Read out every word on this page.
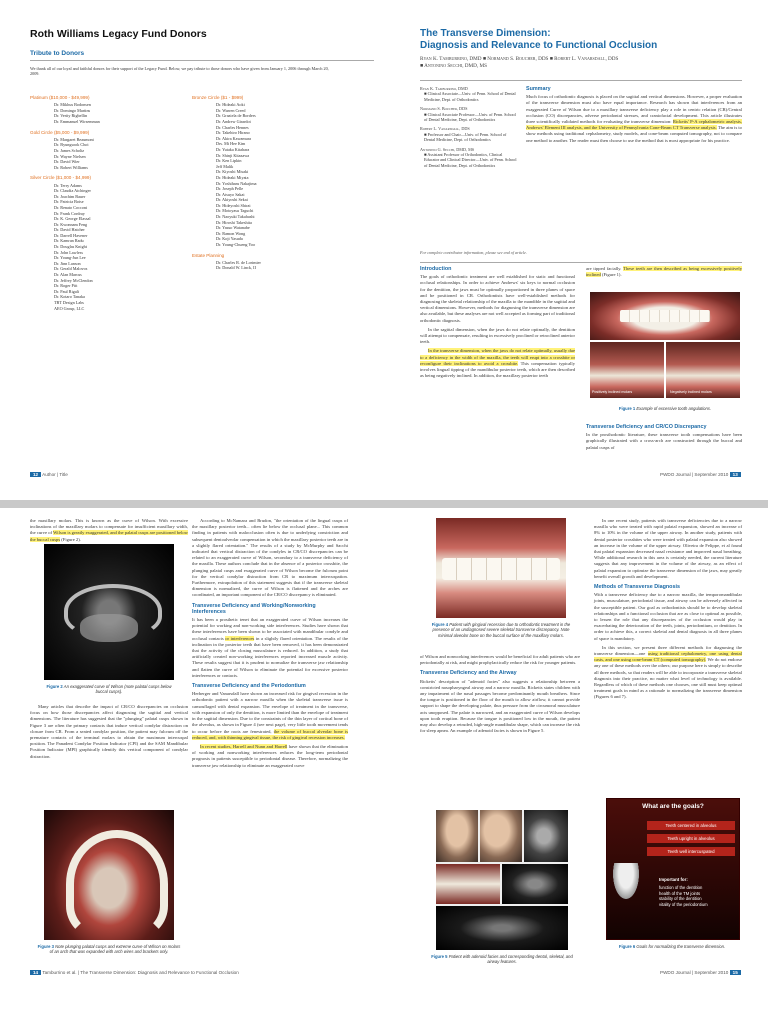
Roth Williams Legacy Fund Donors
Tribute to Donors
We thank all of our loyal and faithful donors for their support of the Legacy Fund. Below, we pay tribute to those donors who have given from January 1, 2006 through March 20, 2009.
Platinum ($10,000 - $49,999)
Dr. Mikhus Bodonsen
Dr. Domingo Martins
Dr. Verity Rigbellin
Dr. Emmanuel Wirsemman
Gold Circle ($5,000 - $9,999)
Dr. Margaret Beaumont
Dr. Byungsook Choi
Dr. James Scholtz
Dr. Wayne Nielsen
Dr. David Wier
Dr. Robert Williams
Silver Circle ($1,000 - $4,999)
Dr. Terry Adams
Dr. Claudia Aichinger
Dr. Joachim Bauer
Dr. Patricia Boise
Dr. Renato Cocconi
Dr. Frank Cordray
Dr. K. George Elassal
Dr. Kwonnam Feng
Dr. David Hatcher
Dr. Darrell Havener
Dr. Kamran Radu
Dr. Douglas Knight
Dr. John Lawless
Dr. Young-Jun Lee
Dr. Jinn Lanson
Dr. Gerald Malovos
Dr. Alan Marcus
Dr. Jeffrey McClendon
Dr. Roger Pitt
Dr. Paul Rigali
Dr. Kotaro Tanaka
TBT Design Labs
AEO Group, LLC
Bronze Circle ($1 - $999)
Dr. Hideaki Aoki
Dr. Warren Creed
Dr. Graziela de Borders
Dr. Andrew Girardot
Dr. Charles Hennes
Dr. Takehiro Hirano
Dr. Akira Kawamura
Drs. Mi Hee Kim
Dr. Yutaka Kitahara
Dr. Shinji Kitazawa
Dr. Ken Lipkin
Jeff Malik
Dr. Kiyoshi Misaki
Dr. Hideaki Miyata
Dr. Yoshiharu Nakajima
Dr. Joseph Pelle
Dr. Atsuyo Sakai
Dr. Akiyoshi Sekai
Dr. Hideyoshi Shirai
Dr. Motoyasu Taguchi
Dr. Naoyuki Takahashi
Dr. Hiroshi Takeshita
Dr. Yasuo Watanabe
Dr. Ramon Wong
Dr. Koji Yasuda
Dr. Young-Chueng Yoo
Estate Planning
Dr. Charles R. de Lorimier
Dr. Donald W. Linck, II
12 Author | Title
The Transverse Dimension:
Diagnosis and Relevance to Functional Occlusion
Ryan K. Tamburrino, DMD ■ Normand S. Boucher, DDS ■ Robert L. Vanarsdall, DDS
■ Antonino Secchi, DMD, MS
Ryan K. Tamburrino, DMD
■ Clinical Associate—Univ. of Penn. School of Dental Medicine, Dept. of Orthodontics
Normand S. Boucher, DDS
■ Clinical Associate Professor—Univ. of Penn. School of Dental Medicine, Dept. of Orthodontics
Robert L. Vanarsdall, DDS
■ Professor and Chair—Univ. of Penn. School of Dental Medicine, Dept. of Orthodontics
Antonino G. Secchi, DMD, MS
■ Assistant Professor of Orthodontics, Clinical Educator and Clinical Director—Univ. of Penn. School of Dental Medicine, Dept. of Orthodontics
Summary

Much focus of orthodontic diagnosis is placed on the sagittal and vertical dimensions. However, a proper evaluation of the transverse dimension must also have equal importance. Research has shown that interferences from an exaggerated Curve of Wilson due to a maxillary transverse deficiency play a role in centric relation (CR)/Central occlusion (CO) discrepancies, adverse periodontal stresses, and craniofacial development. This article illustrates three scientifically validated methods for evaluating the transverse dimension: Ricketts' P-A cephalometric analysis, Andrews' Element III analysis, and the University of Pennsylvania Cone-Beam CT Transverse analysis. The aim is to show methods using traditional cephalometry, study models, and cone-beam computed tomography, not to compare one method to another. The reader must then choose to use the method that is most appropriate for his practice.

For complete contributor information, please see end of article.
Introduction

The goals of orthodontic treatment are well established for static and functional occlusal relationships. In order to achieve Andrews' six keys to normal occlusion for the dentition, the jaws must be optimally proportioned in three planes of space and be positioned in CR. Orthodontists have well-established methods for diagnosing the skeletal relationship of the maxilla to the mandible in the sagittal and vertical dimensions. However, methods for diagnosing the transverse dimension are also available, but these analyses are not well accepted as forming part of traditional orthodontic diagnosis.

In the sagittal dimension, when the jaws do not relate optimally, the dentition will attempt to compensate, resulting in excessively proclined or retroclined anterior teeth.

In the transverse dimension, when the jaws do not relate optimally, usually due to a deficiency in the width of the maxilla, the teeth will erupt into a crossbite or reconfigure their inclinations to avoid a crossbite. This compensation typically involves lingual tipping of the mandibular posterior teeth, which are then described as being negatively inclined. In addition, the maxillary posterior teeth

are tipped facially. These teeth are then described as being excessively positively inclined (Figure 1).

Positively inclined molars	Negatively inclined molars
Figure 1 Example of excessive tooth angulations.
Transverse Deficiency and CR/CO Discrepancy

In the prosthodontic literature, these transverse tooth compensations have been graphically illustrated with a cross-arch are constructed through the buccal and palatal cusps of

PWDO Journal | September 2010 13

the maxillary molars. This is known as the curve of Wilson. With excessive inclinations of the maxillary molars to compensate for insufficient maxillary width, the curve of Wilson is greatly exaggerated, and the palatal cusps are positioned below the buccal cusps (Figure 2).

Figure 2 An exaggerated curve of Wilson (note palatal cusps below buccal cusps).

Many articles that describe the impact of CR/CO discrepancies on occlusion focus on how those discrepancies affect diagnosing the sagittal and vertical dimensions. The literature has suggested that the "plunging" palatal cusps shown in Figure 3 are often the primary contacts that induce vertical condylar distraction on closure from CR. From a seated condylar position, the patient may fulcrum off the premature contacts of the terminal molars to obtain the maximum intercuspal position. The Panadent Condylar Position Indicator (CPI) and the SAM Mandibular Position Indicator (MPI) graphically identify this vertical component of condylar distraction.

Figure 3 Note plunging palatal cusps and extreme curve of Wilson on molars of an arch that was expanded with arch wires and brackets only.

According to McNamara and Brudon, "the orientation of the lingual cusps of the maxillary posterior teeth... often lie below the occlusal plane... This common finding in patients with malocclusion often is due to underlying constriction and subsequent dentoalveolar compensation in which the maxillary posterior teeth are in a slightly flared orientation." The results of a study by McMurphy and Sacchi indicated that vertical distraction of the condyles in CR/CO discrepancies can be related to an exaggerated curve of Wilson, secondary to a transverse deficiency of the maxilla. These authors conclude that in the absence of a posterior crossbite, the plunging palatal cusps and exaggerated curve of Wilson become the fulcrum point for the vertical condylar distraction from CR to maximum intercuspation. Furthermore, extrapolation of this statement suggests that if the transverse skeletal dimension is normalized, the curve of Wilson is flattened and the arches are coordinated, an important component of the CR/CO discrepancy is eliminated.

Transverse Deficiency and Working/Nonworking Interferences

It has been a prosthetic tenet that an exaggerated curve of Wilson increases the potential for working and non-working side interferences. Studies have shown that these interferences have been shown to be associated with mandibular condyle and occlusal contacts or interferences in a slightly flared orientation. The results of the inclination in the posterior teeth that have been removed, it has been demonstrated that the activity of the closing musculature is reduced. In addition, a study that artificially created non-working interferences reported increased muscle activity. These results suggest that it is prudent to normalize the transverse jaw relationship and flatten the curve of Wilson to eliminate the potential for excessive posterior interferences or contacts.

Transverse Deficiency and the Periodontium

Herberger and Vanarsdall have shown an increased risk for gingival recession in the orthodontic patient with a narrow maxilla when the skeletal transverse issue is camouflaged with dental expansion. The envelope of treatment in the transverse, with expansion of only the dentition, is more limited than the envelope of treatment in the sagittal dimension. Due to the constraints of the thin layer of cortical bone of the alveolus, as shown in Figure 4 (see next page), very little tooth movement tends to occur before the roots are fenestrated, the volume of buccal alveolar bone is reduced, and, with thinning gingival tissue, the risk of gingival recession increases.

In recent studies, Harrell and Nunn and Harrell have shown that the elimination of working and nonworking interferences reduces the long-term periodontal prognosis in patients susceptible to periodontal disease. Therefore, normalizing the transverse jaw relationship to eliminate an exaggerated curve

14 Tamburrino et al. | The Transverse Dimension: Diagnosis and Relevance to Functional Occlusion
Figure 4 Patient with gingival recession due to orthodontic treatment in the presence of an undiagnosed severe skeletal transverse discrepancy. Note minimal alveolar bone on the buccal surface of the maxillary molars.

of Wilson and nonworking interferences would be beneficial for adult patients who are periodontally at risk, and might prophylactically reduce the risk for younger patients.

Transverse Deficiency and the Airway

Ricketts' description of "adenoid facies" also suggests a relationship between a constricted nasopharyngeal airway and a narrow maxilla. Ricketts states children with any impairment of the nasal passages become predominantly mouth breathers. Since the tongue is positioned in the floor of the mouth to allow airflow, it cannot provide support to shape the developing palate, thus pressure from the circumoral musculature acts unopposed. The palate is narrowed, and an exaggerated curve of Wilson develops upon tooth eruption. Because the tongue is positioned low in the mouth, the patient may also develop a retruded, high-angle mandibular shape, which can increase the risk for sleep apnea. An example of adenoid facies is shown in Figure 5.

Figure 5 Patient with adenoid facies and corresponding dental, skeletal, and airway features.

In one recent study, patients with transverse deficiencies due to a narrow maxilla who were treated with rapid palatal expansion, showed an increase of 8% to 10% in the volume of the upper airway. In another study, patients with dental posterior crossbites who were treated with palatal expansion also showed an increase in the volume of the upper airway. Oliveira de Felippe, et al found that palatal expansion decreased nasal resistance and improved nasal breathing. While additional research in this area is certainly needed, the current literature suggests that any improvement in the volume of the airway, as an effect of palatal expansion to optimize the transverse dimension of the jaws, may greatly benefit overall growth and development.

Methods of Transverse Diagnosis

With a transverse deficiency due to a narrow maxilla, the temporomandibular joints, musculature, periodontal tissue, and airway can be adversely affected in the susceptible patient. Our goal as orthodontists should be to develop skeletal relationships and a functional occlusion that are as close to optimal as possible, to lessen the role that any discrepancies of the occlusion would play in exacerbating the deterioration of the teeth, joints, periodontium, or dentition. In order to achieve this, a correct skeletal and dental diagnosis in all three planes of space is mandatory.

In this section, we present three different methods for diagnosing the transverse dimension—one using traditional cephalometry, one using dental casts, and one using cone-beam CT (computed tomography). We do not endorse any one of these methods over the others; our purpose here is simply to describe all three methods, so that readers will be able to incorporate a transverse skeletal diagnosis into their practice, no matter what level of technology is available. Regardless of which of these methods one chooses, one still must keep optimal treatment goals in mind as a rationale to normalizing the transverse dimension (Figures 6 and 7).

What are the goals?
Teeth centered in alveolus
Teeth upright in alveolus
Teeth well intercuspated
Important for:
function of the dentition
health of the TM joints
stability of the dentition
vitality of the periodontium
Figure 6 Goals for normalizing the transverse dimension.
PWDO Journal | September 2010 15
